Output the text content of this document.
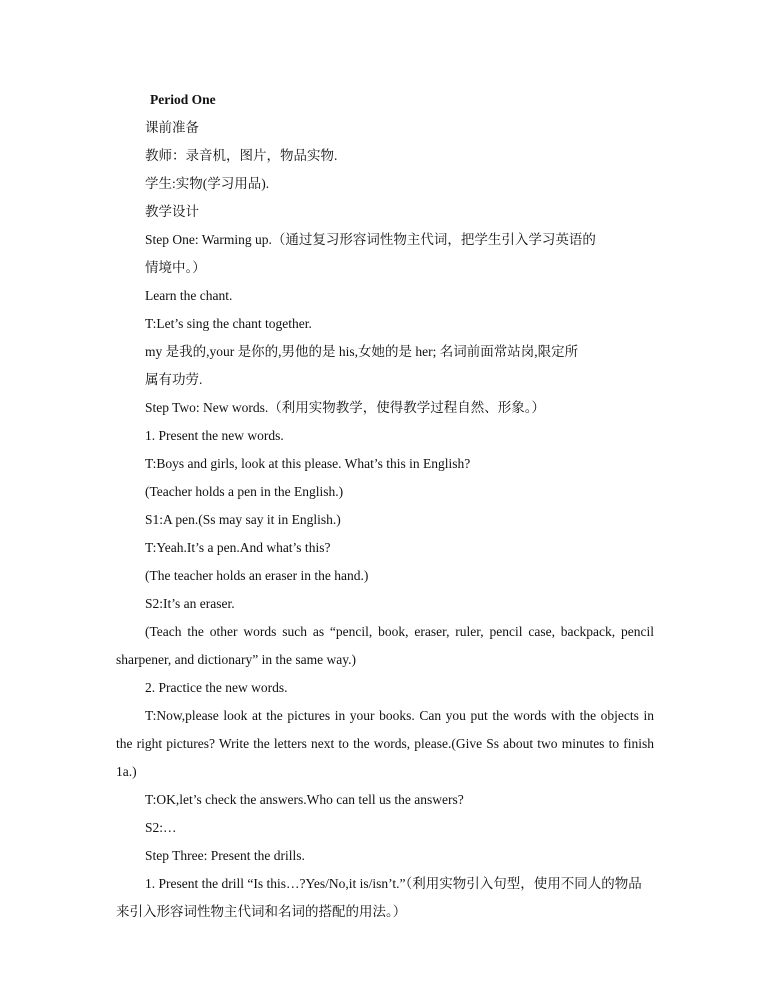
Period One
课前准备
教师：录音机，图片，物品实物.
学生:实物(学习用品).
教学设计
Step One: Warming up.（通过复习形容词性物主代词，把学生引入学习英语的
情境中。）
Learn the chant.
T:Let’s sing the chant together.
my 是我的,your 是你的,男他的是 his,女她的是 her; 名词前面常站岗,限定所
属有功劳.
Step Two: New words.（利用实物教学，使得教学过程自然、形象。）
1. Present the new words.
T:Boys and girls, look at this please. What’s this in English?
(Teacher holds a pen in the English.)
S1:A pen.(Ss may say it in English.)
T:Yeah.It’s a pen.And what’s this?
(The teacher holds an eraser in the hand.)
S2:It’s an eraser.
(Teach the other words such as “pencil, book, eraser, ruler, pencil case, backpack, pencil
sharpener, and dictionary” in the same way.)
2. Practice the new words.
T:Now,please look at the pictures in your books. Can you put the words with the objects in
the right pictures? Write the letters next to the words, please.(Give Ss about two minutes to finish
1a.)
T:OK,let’s check the answers.Who can tell us the answers?
S2:…
Step Three: Present the drills.
1. Present the drill “Is this…?Yes/No,it is/isn’t.”（利用实物引入句型，使用不同人的物品
来引入形容词性物主代词和名词的搭配的用法。）
